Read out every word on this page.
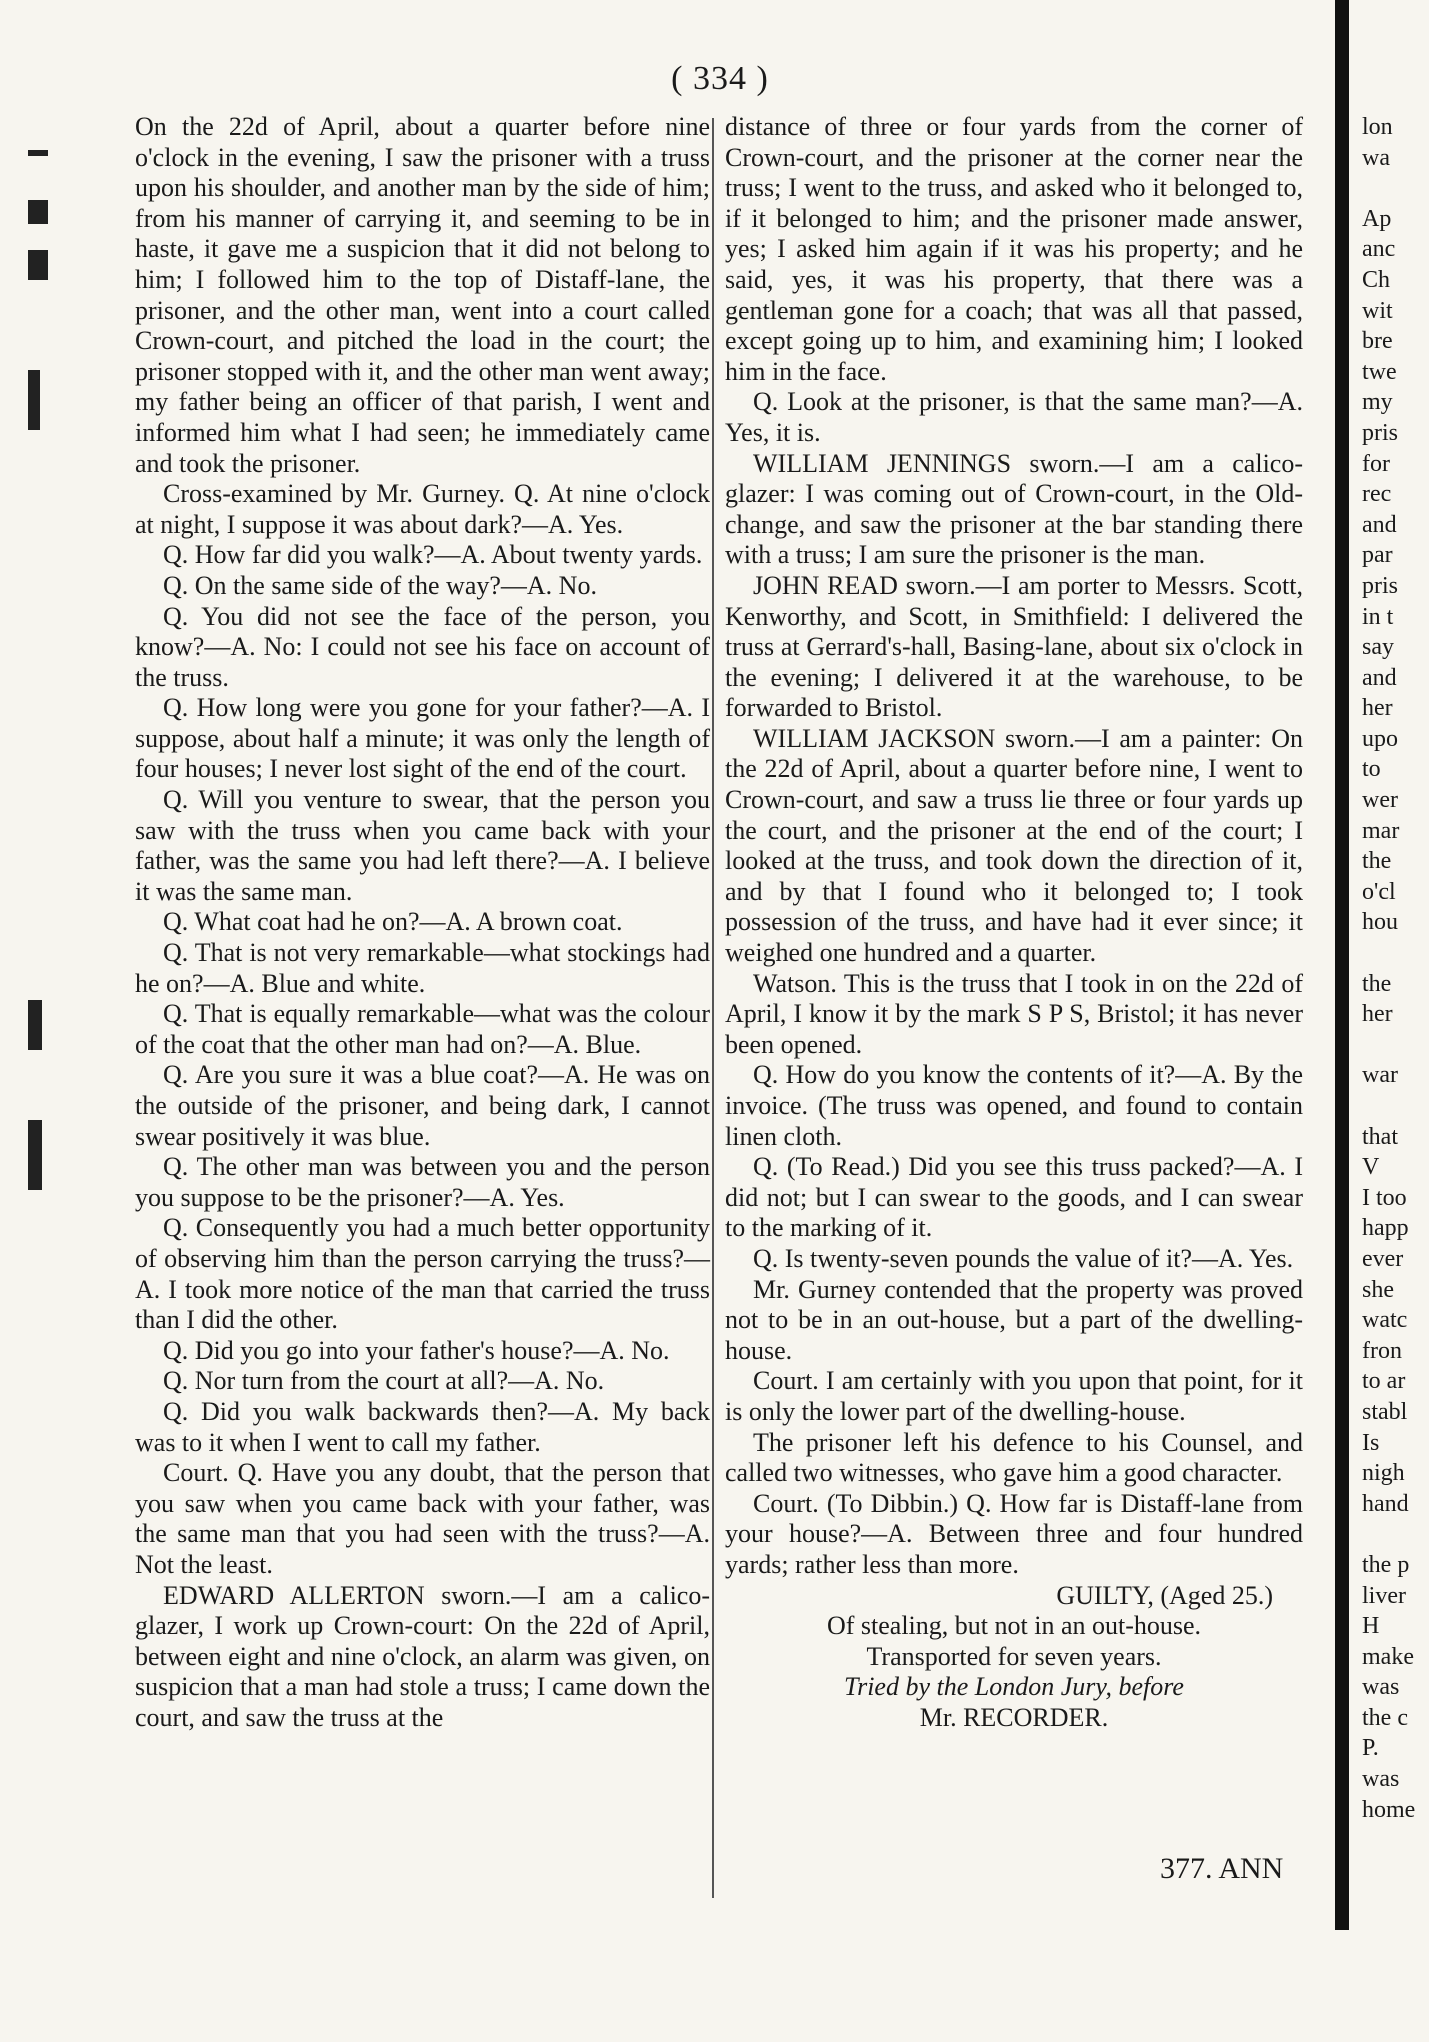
( 334 )

On the 22d of April, about a quarter before nine o'clock in the evening, I saw the prisoner with a truss upon his shoulder, and another man by the side of him; from his manner of carrying it, and seeming to be in haste, it gave me a suspicion that it did not belong to him; I followed him to the top of Distaff-lane, the prisoner, and the other man, went into a court called Crown-court, and pitched the load in the court; the prisoner stopped with it, and the other man went away; my father being an officer of that parish, I went and informed him what I had seen; he immediately came and took the prisoner.

Cross-examined by Mr. Gurney. Q. At nine o'clock at night, I suppose it was about dark?—A. Yes.

Q. How far did you walk?—A. About twenty yards.

Q. On the same side of the way?—A. No.

Q. You did not see the face of the person, you know?—A. No: I could not see his face on account of the truss.

Q. How long were you gone for your father?—A. I suppose, about half a minute; it was only the length of four houses; I never lost sight of the end of the court.

Q. Will you venture to swear, that the person you saw with the truss when you came back with your father, was the same you had left there?—A. I believe it was the same man.

Q. What coat had he on?—A. A brown coat.

Q. That is not very remarkable—what stockings had he on?—A. Blue and white.

Q. That is equally remarkable—what was the colour of the coat that the other man had on?—A. Blue.

Q. Are you sure it was a blue coat?—A. He was on the outside of the prisoner, and being dark, I cannot swear positively it was blue.

Q. The other man was between you and the person you suppose to be the prisoner?—A. Yes.

Q. Consequently you had a much better opportunity of observing him than the person carrying the truss?—A. I took more notice of the man that carried the truss than I did the other.

Q. Did you go into your father's house?—A. No.

Q. Nor turn from the court at all?—A. No.

Q. Did you walk backwards then?—A. My back was to it when I went to call my father.

Court. Q. Have you any doubt, that the person that you saw when you came back with your father, was the same man that you had seen with the truss?—A. Not the least.

EDWARD ALLERTON sworn.—I am a calico-glazer, I work up Crown-court: On the 22d of April, between eight and nine o'clock, an alarm was given, on suspicion that a man had stole a truss; I came down the court, and saw the truss at the

distance of three or four yards from the corner of Crown-court, and the prisoner at the corner near the truss; I went to the truss, and asked who it belonged to, if it belonged to him; and the prisoner made answer, yes; I asked him again if it was his property; and he said, yes, it was his property, that there was a gentleman gone for a coach; that was all that passed, except going up to him, and examining him; I looked him in the face.

Q. Look at the prisoner, is that the same man?—A. Yes, it is.

WILLIAM JENNINGS sworn.—I am a calico-glazer: I was coming out of Crown-court, in the Old-change, and saw the prisoner at the bar standing there with a truss; I am sure the prisoner is the man.

JOHN READ sworn.—I am porter to Messrs. Scott, Kenworthy, and Scott, in Smithfield: I delivered the truss at Gerrard's-hall, Basing-lane, about six o'clock in the evening; I delivered it at the warehouse, to be forwarded to Bristol.

WILLIAM JACKSON sworn.—I am a painter: On the 22d of April, about a quarter before nine, I went to Crown-court, and saw a truss lie three or four yards up the court, and the prisoner at the end of the court; I looked at the truss, and took down the direction of it, and by that I found who it belonged to; I took possession of the truss, and have had it ever since; it weighed one hundred and a quarter.

Watson. This is the truss that I took in on the 22d of April, I know it by the mark S P S, Bristol; it has never been opened.

Q. How do you know the contents of it?—A. By the invoice. (The truss was opened, and found to contain linen cloth.

Q. (To Read.) Did you see this truss packed?—A. I did not; but I can swear to the goods, and I can swear to the marking of it.

Q. Is twenty-seven pounds the value of it?—A. Yes.

Mr. Gurney contended that the property was proved not to be in an out-house, but a part of the dwelling-house.

Court. I am certainly with you upon that point, for it is only the lower part of the dwelling-house.

The prisoner left his defence to his Counsel, and called two witnesses, who gave him a good character.

Court. (To Dibbin.) Q. How far is Distaff-lane from your house?—A. Between three and four hundred yards; rather less than more.

GUILTY, (Aged 25.)

Of stealing, but not in an out-house.

Transported for seven years.

Tried by the London Jury, before

Mr. RECORDER.

377. ANN
lon
wa
Ap
anc
Ch
wit
bre
twe
my
pris
for
rec
and
par
pris
in t
say
and
her
upo
to
wer
mar
the
o'cl
hou
the
her
war
that
V
I too
happ
ever
she
watc
fron
to ar
stabl
Is
nigh
hand
the p
liver
H
make
was
the c
P.
was
home
